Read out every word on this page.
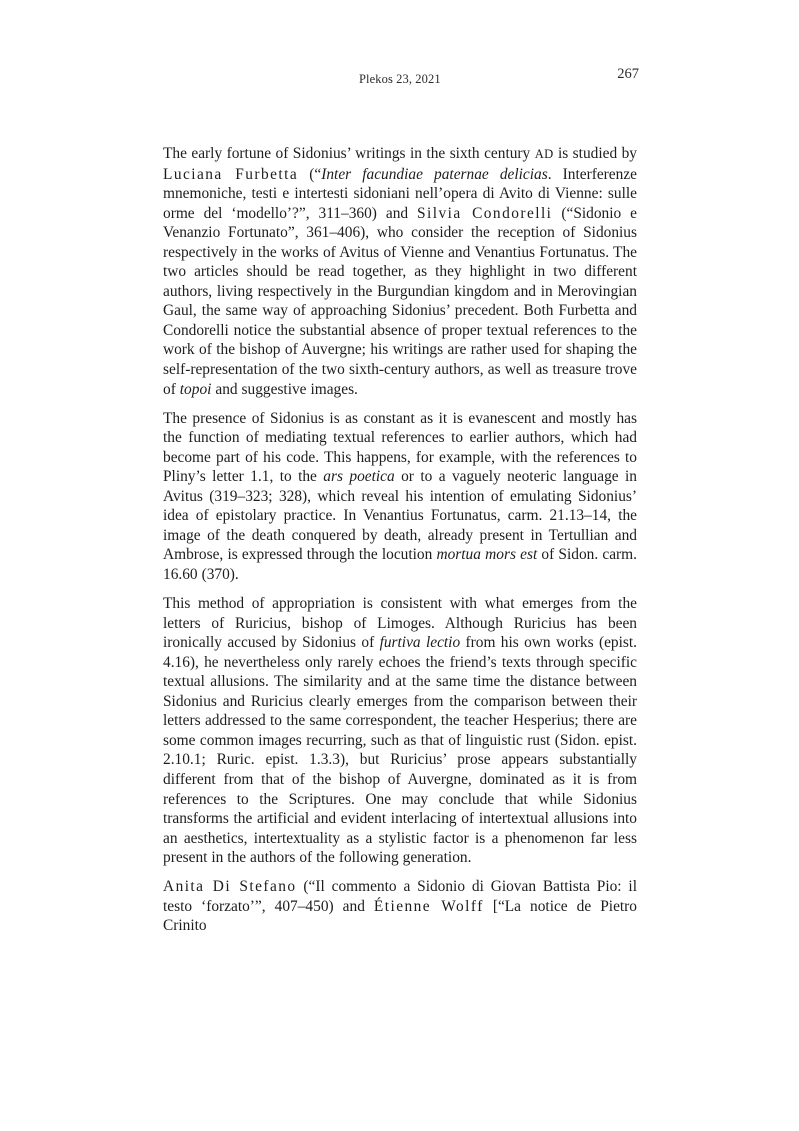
Plekos 23, 2021	267

The early fortune of Sidonius’ writings in the sixth century AD is studied by Luciana Furbetta (“Inter facundiae paternae delicias. Interferenze mnemoniche, testi e intertesti sidoniani nell’opera di Avito di Vienne: sulle orme del ‘modello’?”, 311–360) and Silvia Condorelli (“Sidonio e Venanzio Fortunato”, 361–406), who consider the reception of Sidonius respectively in the works of Avitus of Vienne and Venantius Fortunatus. The two articles should be read together, as they highlight in two different authors, living respectively in the Burgundian kingdom and in Merovingian Gaul, the same way of approaching Sidonius’ precedent. Both Furbetta and Condorelli notice the substantial absence of proper textual references to the work of the bishop of Auvergne; his writings are rather used for shaping the self-representation of the two sixth-century authors, as well as treasure trove of topoi and suggestive images.

The presence of Sidonius is as constant as it is evanescent and mostly has the function of mediating textual references to earlier authors, which had become part of his code. This happens, for example, with the references to Pliny’s letter 1.1, to the ars poetica or to a vaguely neoteric language in Avitus (319–323; 328), which reveal his intention of emulating Sidonius’ idea of epistolary practice. In Venantius Fortunatus, carm. 21.13–14, the image of the death conquered by death, already present in Tertullian and Ambrose, is expressed through the locution mortua mors est of Sidon. carm. 16.60 (370).

This method of appropriation is consistent with what emerges from the letters of Ruricius, bishop of Limoges. Although Ruricius has been ironically accused by Sidonius of furtiva lectio from his own works (epist. 4.16), he nevertheless only rarely echoes the friend’s texts through specific textual allusions. The similarity and at the same time the distance between Sidonius and Ruricius clearly emerges from the comparison between their letters addressed to the same correspondent, the teacher Hesperius; there are some common images recurring, such as that of linguistic rust (Sidon. epist. 2.10.1; Ruric. epist. 1.3.3), but Ruricius’ prose appears substantially different from that of the bishop of Auvergne, dominated as it is from references to the Scriptures. One may conclude that while Sidonius transforms the artificial and evident interlacing of intertextual allusions into an aesthetics, intertextuality as a stylistic factor is a phenomenon far less present in the authors of the following generation.

Anita Di Stefano (“Il commento a Sidonio di Giovan Battista Pio: il testo ‘forzato’”, 407–450) and Étienne Wolff [“La notice de Pietro Crinito
